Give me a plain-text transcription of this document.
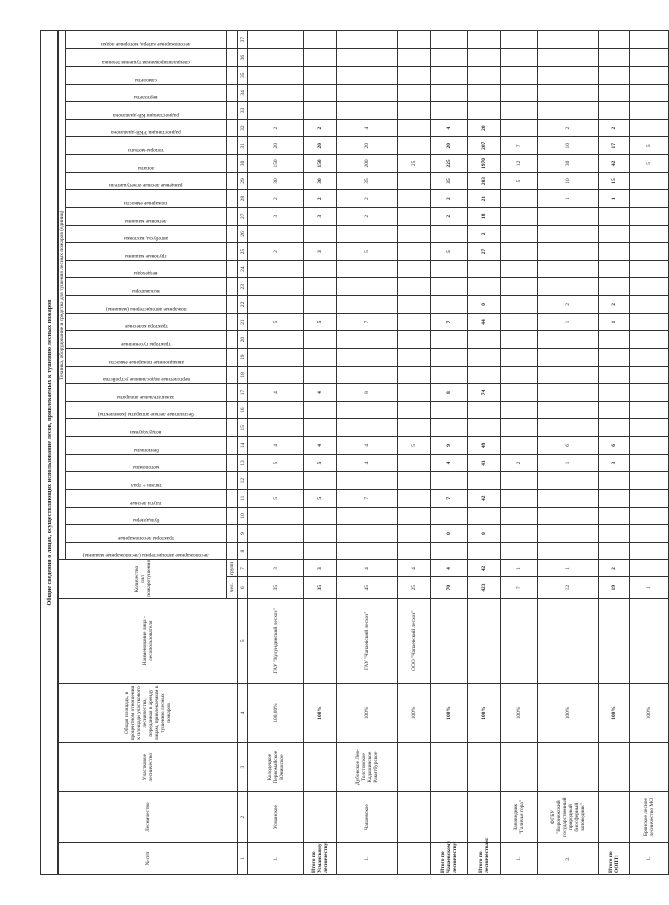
Общие сведения о лицах, осуществляющих использование лесов, привлекаемых к тушению лесных пожаров
№ п/п	Лесничество	Участковое лесничество	Общая площадь, в процентном отношении к площади участкового лесничества, переданная в аренду лицам, привлекаемым к тушению лесных пожаров	Наименование лица - лесопользователя	Количество сил пожаротушения		Техника, оборудование и средства для тушения лесных пожаров (единиц)																													

							лесопожарные автоцистерны (лесопожарные машины)	тракторы лесопожарные	бульдозеры	плуги лесные	тягачи + трал	мотопомпы	бензопилы	воздуходувки	бесплатные легкие аппараты (комплекты)	зажигательные аппараты	вертолетные водосливные устройства	авиационные пожарные емкости	тракторы гусеничные	трактора колесные	пожарные автоцистерны (машины)	экскаваторы	вездеходы	грузовые машины	автобусы, вахтовки	легковые машины	пожарные емкости	ранцевые лесные огнетушители	лопаты	топоры-мотыги	радиостанции УКВ-диапазона	радиостанции КВ-диапазона	вертолеты	самолеты	специализированная тушения техника	лесопожарные катера, моторные лодки

					чел.	групп																														
1	2	3	4	5	6	7	8	9	10	11	12	13	14	15	16	17	18	19	20	21	22	23	24	25	26	27	28	29	30	31	32	33	34	35	36	37
1.	Усманское	Колодецкое Первомайское Юнишское	100,00%	ГАУ "Кулундинский лесхоз"	35	3				5		5	4			4				5				2		3	2	30	150	20	2					
Итого по Усманскому лесничеству:			100%		35	3				5		5	4			4				5				3		3	2	30	150	20	2					
1.	Чапаевское	Дубовское Лев-Толстовское Кадашинское Ракитбурское	100%	ГАУ "Чапаевский лесхоз"	45	4				7		4	4			8				7				5		2	2	35	200	20	4					
			100%	ООО "Чапаевский лесхоз"	25	4							5																25							
Итого по Чапаевскому лесничеству:			100%		70	4		0		7		4	9			8				7				5		2	2	35	225	20	4					
Итого по лесничествам:			100%		423	42		0		42		41	49			74				44	0			27	2	18	21	203	1970	207	20					
1.	Заповедник "Галичья гора"		100%		7	1						2																5	12	7						
2.	ФГБУ "Воронежский государственный природный биосферный заповедник"		100%		12	1						1	6							1	2						1	10	30	10	2					
Итого по ООПТ:			100%		19	2						3	6							1	2						1	15	42	17	2					
1.	Брянское лесное лесничество МО		100%		1																								5	5						
